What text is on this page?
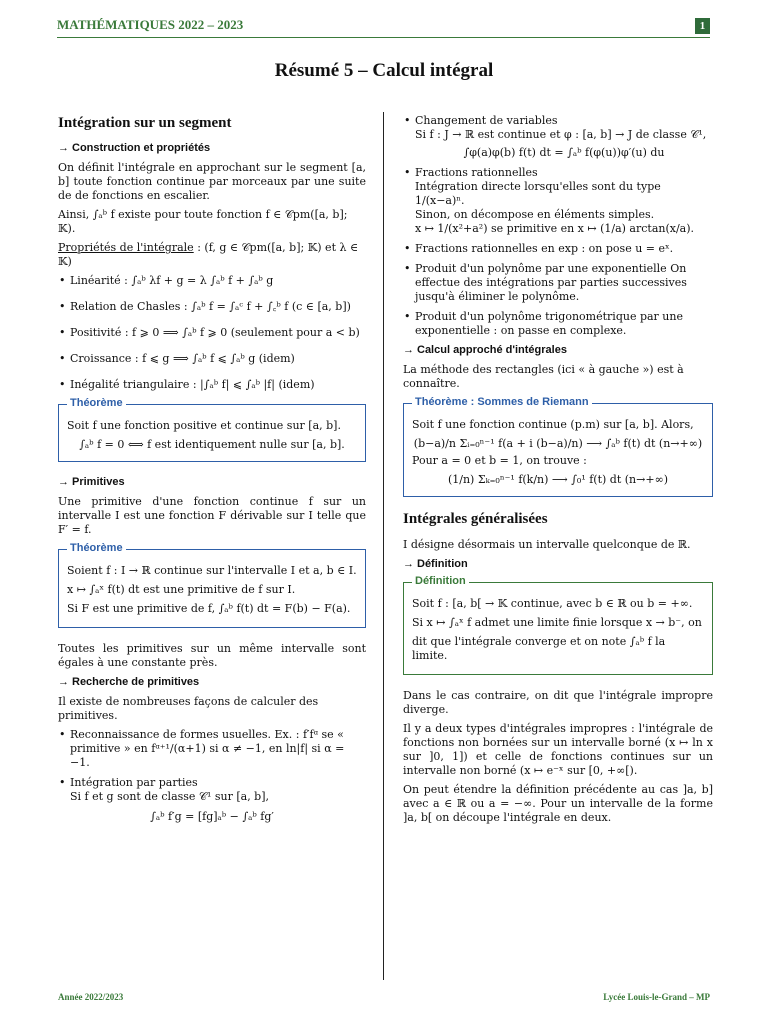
MATHÉMATIQUES 2022 – 2023	1
Résumé 5 – Calcul intégral
Intégration sur un segment
→ Construction et propriétés

On définit l'intégrale en approchant sur le segment [a, b] toute fonction continue par morceaux par une suite de de fonctions en escalier.

Ainsi, ∫ₐᵇ f existe pour toute fonction f ∈ 𝒞pm([a, b]; 𝕂).

Propriétés de l'intégrale : (f, g ∈ 𝒞pm([a, b]; 𝕂) et λ ∈ 𝕂)

• Linéarité : ∫ₐᵇ λf + g = λ ∫ₐᵇ f + ∫ₐᵇ g
• Relation de Chasles : ∫ₐᵇ f = ∫ₐᶜ f + ∫꜀ᵇ f (c ∈ [a, b])
• Positivité : f ⩾ 0 ⟹ ∫ₐᵇ f ⩾ 0 (seulement pour a < b)
• Croissance : f ⩽ g ⟹ ∫ₐᵇ f ⩽ ∫ₐᵇ g (idem)
• Inégalité triangulaire : |∫ₐᵇ f| ⩽ ∫ₐᵇ |f| (idem)
Théorème

Soit f une fonction positive et continue sur [a, b].

∫ₐᵇ f = 0 ⟺ f est identiquement nulle sur [a, b].
→ Primitives

Une primitive d'une fonction continue f sur un intervalle I est une fonction F dérivable sur I telle que F′ = f.

Théorème

Soient f : I → ℝ continue sur l'intervalle I et a, b ∈ I.

x ↦ ∫ₐˣ f(t) dt est une primitive de f sur I.

Si F est une primitive de f, ∫ₐᵇ f(t) dt = F(b) − F(a).

Toutes les primitives sur un même intervalle sont égales à une constante près.

→ Recherche de primitives

Il existe de nombreuses façons de calculer des primitives.

• Reconnaissance de formes usuelles. Ex. : f′fᵅ se « primitive » en fᵅ⁺¹/(α+1) si α ≠ −1, en ln|f| si α = −1.
• Intégration par parties
Si f et g sont de classe 𝒞¹ sur [a, b],
∫ₐᵇ f′g = [fg]ₐᵇ − ∫ₐᵇ fg′
• Changement de variables
Si f : J → ℝ est continue et φ : [a, b] → J de classe 𝒞¹,
∫φ(a)φ(b) f(t) dt = ∫ₐᵇ f(φ(u))φ′(u) du
• Fractions rationnelles
Intégration directe lorsqu'elles sont du type 1/(x−a)ⁿ.
Sinon, on décompose en éléments simples.
x ↦ 1/(x²+a²) se primitive en x ↦ (1/a) arctan(x/a).
• Fractions rationnelles en exp : on pose u = eˣ.
• Produit d'un polynôme par une exponentielle On effectue des intégrations par parties successives jusqu'à éliminer le polynôme.
• Produit d'un polynôme trigonométrique par une exponentielle : on passe en complexe.
→ Calcul approché d'intégrales

La méthode des rectangles (ici « à gauche ») est à connaître.

Théorème : Sommes de Riemann

Soit f une fonction continue (p.m) sur [a, b]. Alors,

(b−a)/n Σᵢ₌₀ⁿ⁻¹ f(a + i (b−a)/n) ⟶ ∫ₐᵇ f(t) dt (n→+∞)

Pour a = 0 et b = 1, on trouve :

(1/n) Σₖ₌₀ⁿ⁻¹ f(k/n) ⟶ ∫₀¹ f(t) dt (n→+∞)
Intégrales généralisées

I désigne désormais un intervalle quelconque de ℝ.

→ Définition
Définition

Soit f : [a, b[ → 𝕂 continue, avec b ∈ ℝ ou b = +∞.

Si x ↦ ∫ₐˣ f admet une limite finie lorsque x → b⁻, on

dit que l'intégrale converge et on note ∫ₐᵇ f la limite.

Dans le cas contraire, on dit que l'intégrale impropre diverge.

Il y a deux types d'intégrales impropres : l'intégrale de fonctions non bornées sur un intervalle borné (x ↦ ln x sur ]0, 1]) et celle de fonctions continues sur un intervalle non borné (x ↦ e⁻ˣ sur [0, +∞[).

On peut étendre la définition précédente au cas ]a, b] avec a ∈ ℝ ou a = −∞. Pour un intervalle de la forme ]a, b[ on découpe l'intégrale en deux.

Année 2022/2023	Lycée Louis-le-Grand – MP
